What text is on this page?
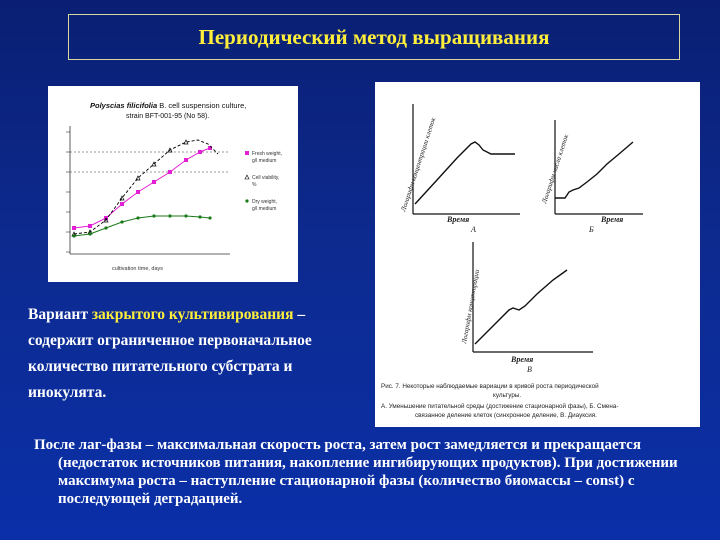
Периодический метод выращивания
Polyscias filicifolia B. cell suspension culture,
strain BFT-001-95 (No 58).
Fresh weight,
g/l medium
Cell viability,
%
Dry weight,
g/l medium
cultivation time, days
Логарифм концентрации клеток
Время
А
Логарифм числа клеток
Время
Б
Логарифм концентрации
Время
В
Рис. 7. Некоторые наблюдаемые вариации в кривой роста периодической
культуры.
А. Уменьшение питательной среды (достижение стационарной фазы), Б. Смена-
связанное деление клеток (синхронное деление, В. Диауксия.
Вариант закрытого культивирования – содержит ограниченное первоначальное количество питательного субстрата и инокулята.

После лаг-фазы – максимальная скорость роста, затем рост замедляется и прекращается (недостаток источников питания, накопление ингибирующих продуктов). При достижении максимума роста – наступление стационарной фазы (количество биомассы – const) с последующей деградацией.
